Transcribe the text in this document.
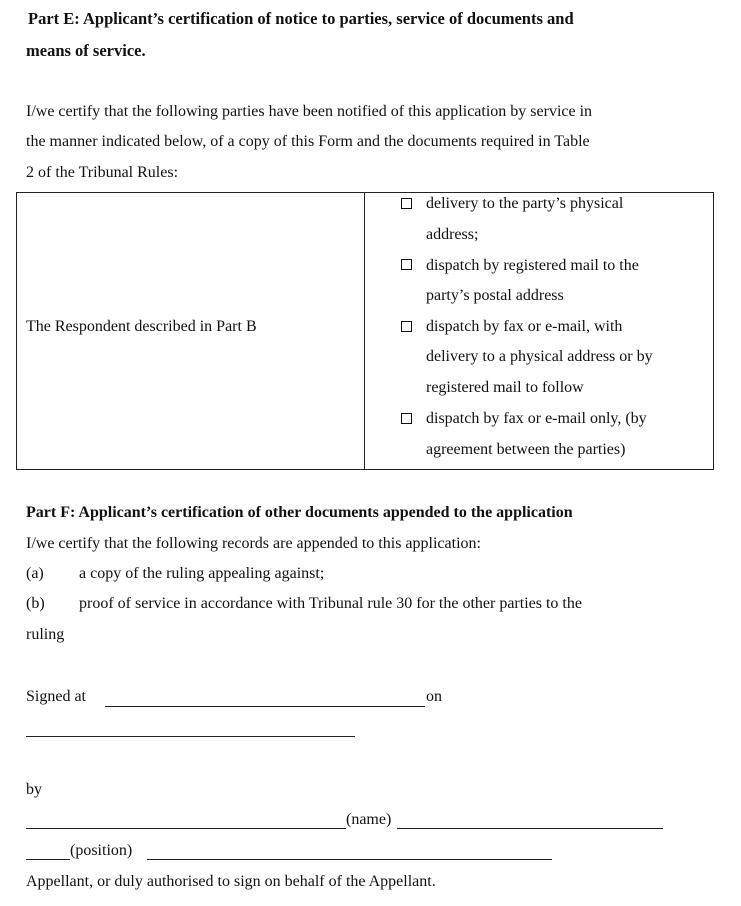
Part E: Applicant’s certification of notice to parties, service of documents and
means of service.
I/we certify that the following parties have been notified of this application by service in
the manner indicated below, of a copy of this Form and the documents required in Table
2 of the Tribunal Rules:
The Respondent described in Part B
delivery to the party’s physical
address;
dispatch by registered mail to the
party’s postal address
dispatch by fax or e-mail, with
delivery to a physical address or by
registered mail to follow
dispatch by fax or e-mail only, (by
agreement between the parties)
Part F: Applicant’s certification of other documents appended to the application
I/we certify that the following records are appended to this application:
(a) a copy of the ruling appealing against;
(b) proof of service in accordance with Tribunal rule 30 for the other parties to the
ruling
Signed at	on
by
(name)
(position)
Appellant, or duly authorised to sign on behalf of the Appellant.
